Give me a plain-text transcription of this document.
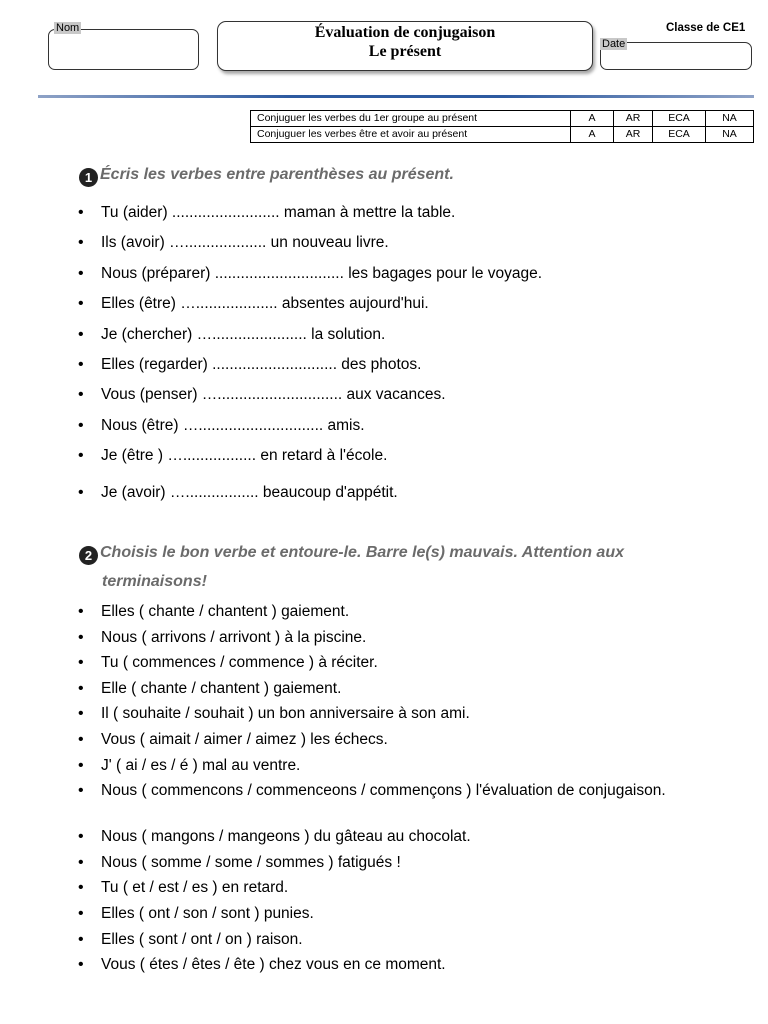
Nom	Évaluation de conjugaison
Le présent	Date
Classe de CE1
Conjuguer les verbes du 1er groupe au présent	A	AR	ECA	NA
Conjuguer les verbes être et avoir au présent	A	AR	ECA	NA
1 Écris les verbes entre parenthèses au présent.
• Tu (aider) ......................... maman à mettre la table.
• Ils (avoir) …................... un nouveau livre.
• Nous (préparer) .............................. les bagages pour le voyage.
• Elles (être) …................... absentes aujourd'hui.
• Je (chercher) …...................... la solution.
• Elles (regarder) ............................. des photos.
• Vous (penser) …............................. aux vacances.
• Nous (être) …............................. amis.
• Je (être ) …................. en retard à l'école.
• Je (avoir) …................. beaucoup d'appétit.
2 Choisis le bon verbe et entoure-le. Barre le(s) mauvais. Attention aux
terminaisons!
• Elles ( chante / chantent ) gaiement.
• Nous ( arrivons / arrivont ) à la piscine.
• Tu ( commences / commence ) à réciter.
• Elle ( chante / chantent ) gaiement.
• Il ( souhaite / souhait ) un bon anniversaire à son ami.
• Vous ( aimait / aimer / aimez ) les échecs.
• J' ( ai / es / é ) mal au ventre.
• Nous ( commencons / commenceons / commençons ) l'évaluation de conjugaison.
• Nous ( mangons / mangeons ) du gâteau au chocolat.
• Nous ( somme / some / sommes ) fatigués !
• Tu ( et / est / es ) en retard.
• Elles ( ont / son / sont ) punies.
• Elles ( sont / ont / on ) raison.
• Vous ( étes / êtes / ête ) chez vous en ce moment.
